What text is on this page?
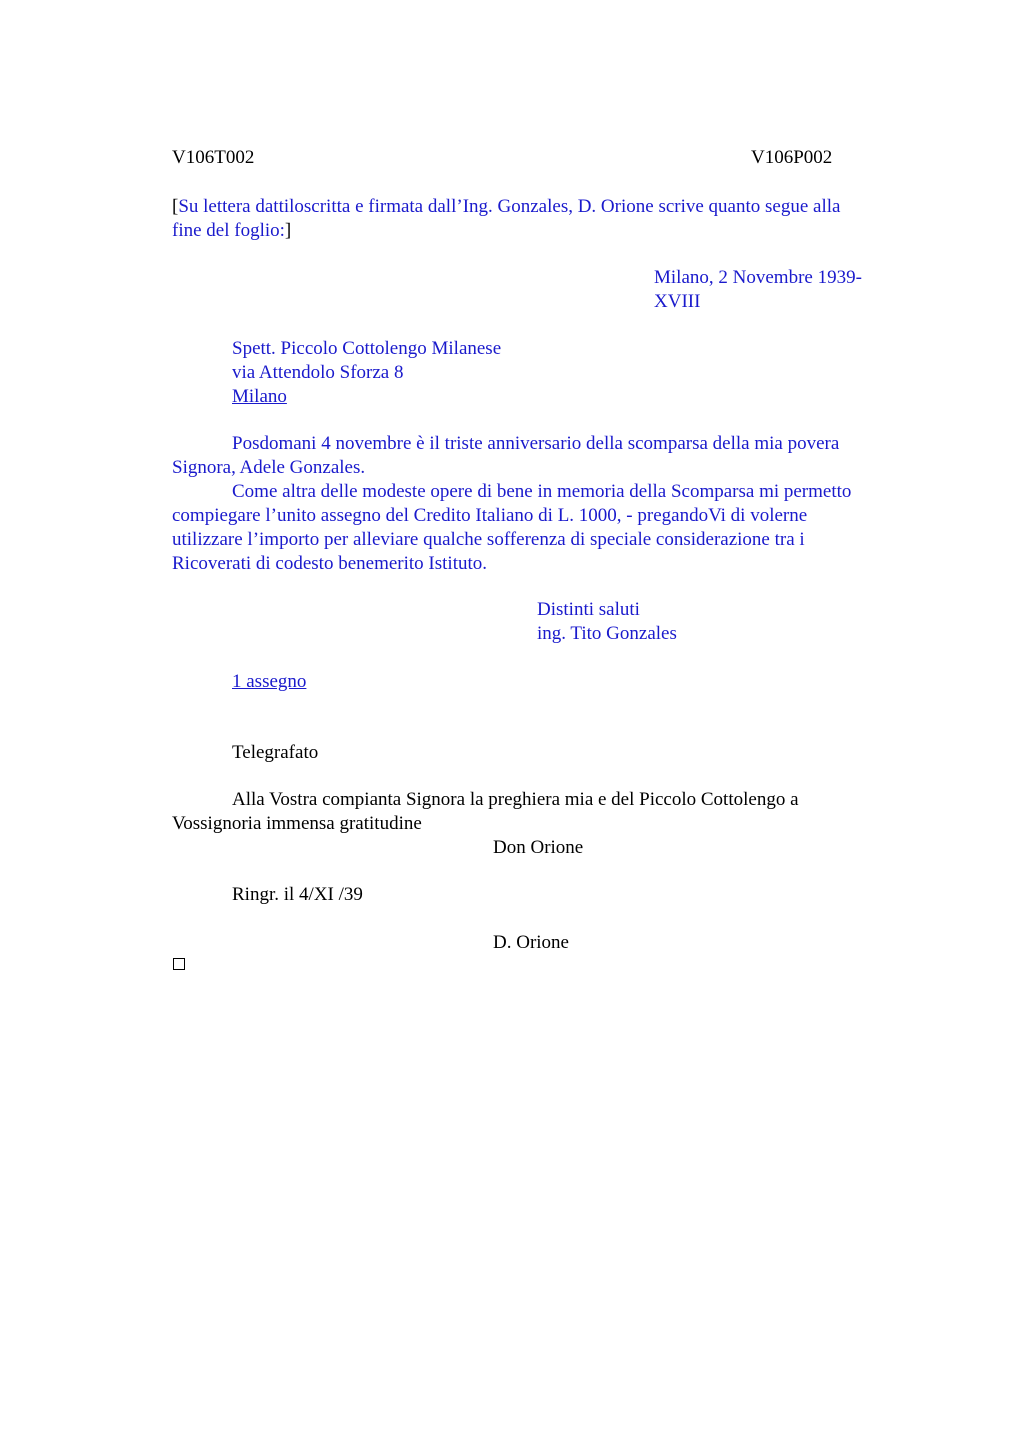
V106T002	V106P002
[Su lettera dattiloscritta e firmata dall’Ing. Gonzales, D. Orione scrive quanto segue alla
fine del foglio:]
Milano, 2 Novembre 1939-
XVIII
Spett. Piccolo Cottolengo Milanese
via Attendolo Sforza 8
Milano
Posdomani 4 novembre è il triste anniversario della scomparsa della mia povera
Signora, Adele Gonzales.
Come altra delle modeste opere di bene in memoria della Scomparsa mi permetto
compiegare l’unito assegno del Credito Italiano di L. 1000, - pregandoVi di volerne
utilizzare l’importo per alleviare qualche sofferenza di speciale considerazione tra i
Ricoverati di codesto benemerito Istituto.
Distinti saluti
ing. Tito Gonzales
1 assegno
Telegrafato
Alla Vostra compianta Signora la preghiera mia e del Piccolo Cottolengo a
Vossignoria immensa gratitudine
Don Orione
Ringr. il 4/XI /39
D. Orione
